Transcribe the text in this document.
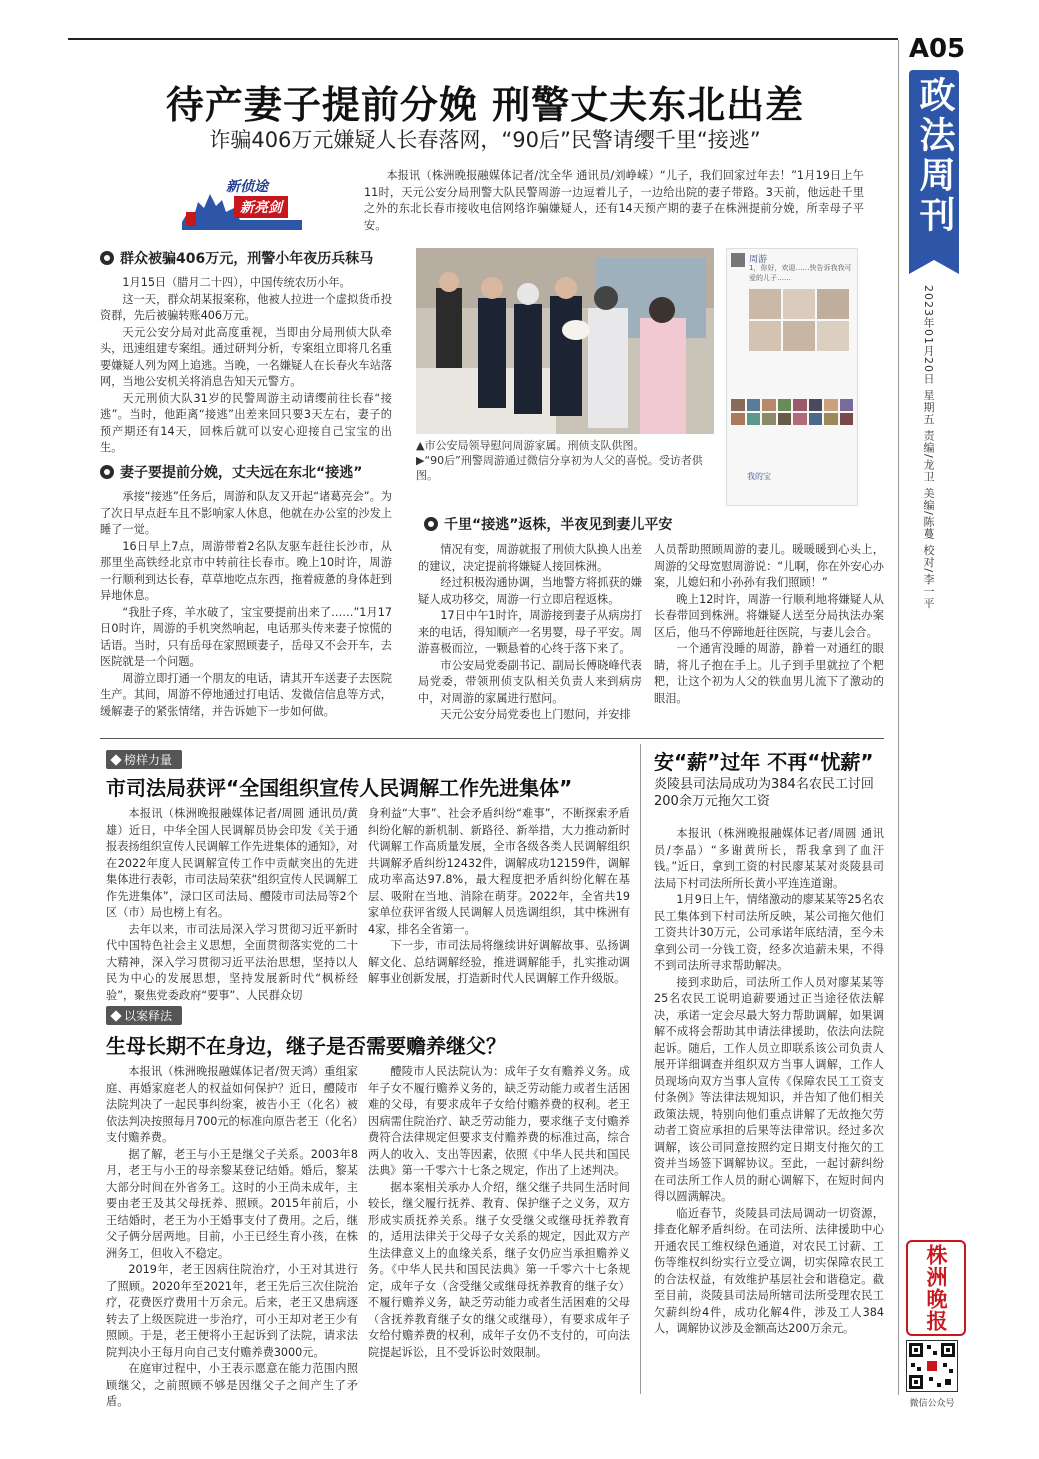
A05
政法周刊
2023年01月20日 星期五 责编/龙卫 美编/陈蔓 校对/李一平
待产妻子提前分娩 刑警丈夫东北出差
诈骗406万元嫌疑人长春落网，“90后”民警请缨千里“接逃”
新侦途
新亮剑

本报讯（株洲晚报融媒体记者/沈全华 通讯员/刘峥嵘）“儿子，我们回家过年去！”1月19日上午11时，天元公安分局刑警大队民警周游一边逗着儿子，一边给出院的妻子带路。3天前，他远赴千里之外的东北长春市接收电信网络诈骗嫌疑人，还有14天预产期的妻子在株洲提前分娩，所幸母子平安。

群众被骗406万元，刑警小年夜历兵秣马

1月15日（腊月二十四），中国传统农历小年。

这一天，群众胡某报案称，他被人拉进一个虚拟货币投资群，先后被骗转账406万元。

天元公安分局对此高度重视，当即由分局刑侦大队牵头，迅速组建专案组。通过研判分析，专案组立即将几名重要嫌疑人列为网上追逃。当晚，一名嫌疑人在长春火车站落网，当地公安机关将消息告知天元警方。

天元刑侦大队31岁的民警周游主动请缨前往长春“接逃”。当时，他距离“接逃”出差来回只要3天左右，妻子的预产期还有14天，回株后就可以安心迎接自己宝宝的出生。

妻子要提前分娩，丈夫远在东北“接逃”

承接“接逃”任务后，周游和队友又开起“诸葛亮会”。为了次日早点赶车且不影响家人休息，他就在办公室的沙发上睡了一觉。

16日早上7点，周游带着2名队友驱车赶往长沙市，从那里坐高铁经北京市中转前往长春市。晚上10时许，周游一行顺利到达长春，草草地吃点东西，拖着疲惫的身体赶到异地休息。

“我肚子疼，羊水破了，宝宝要提前出来了……”1月17日0时许，周游的手机突然响起，电话那头传来妻子惊慌的话语。当时，只有岳母在家照顾妻子，岳母又不会开车，去医院就是一个问题。

周游立即打通一个朋友的电话，请其开车送妻子去医院生产。其间，周游不停地通过打电话、发微信信息等方式，缓解妻子的紧张情绪，并告诉她下一步如何做。

▲市公安局领导慰问周游家属。刑侦支队供图。
▶“90后”刑警周游通过微信分享初为人父的喜悦。受访者供图。
周游
1，你好，欢迎……快告诉我我可爱的儿子……
我的宝
千里“接逃”返株，半夜见到妻儿平安

情况有变，周游就报了刑侦大队换人出差的建议，决定提前将嫌疑人接回株洲。

经过积极沟通协调，当地警方将抓获的嫌疑人成功移交，周游一行立即启程返株。

17日中午1时许，周游接到妻子从病房打来的电话，得知顺产一名男婴，母子平安。周游喜极而泣，一颗悬着的心终于落下来了。

市公安局党委副书记、副局长傅晓峰代表局党委，带领刑侦支队相关负责人来到病房中，对周游的家属进行慰问。

天元公安分局党委也上门慰问，并安排

人员帮助照顾周游的妻儿。暖暖暖到心头上，周游的父母宽慰周游说：“儿啊，你在外安心办案，儿媳妇和小孙孙有我们照顾！”

晚上12时许，周游一行顺利地将嫌疑人从长春带回到株洲。将嫌疑人送至分局执法办案区后，他马不停蹄地赶往医院，与妻儿会合。

一个通宵没睡的周游，静着一对通红的眼睛，将儿子抱在手上。儿子到手里就拉了个粑粑，让这个初为人父的铁血男儿流下了激动的眼泪。

榜样力量
市司法局获评“全国组织宣传人民调解工作先进集体”

本报讯（株洲晚报融媒体记者/周圆 通讯员/黄雄）近日，中华全国人民调解员协会印发《关于通报表扬组织宣传人民调解工作先进集体的通知》，对在2022年度人民调解宣传工作中贡献突出的先进集体进行表彰，市司法局荣获“组织宣传人民调解工作先进集体”，渌口区司法局、醴陵市司法局等2个区（市）局也榜上有名。

去年以来，市司法局深入学习贯彻习近平新时代中国特色社会主义思想，全面贯彻落实党的二十大精神，深入学习贯彻习近平法治思想，坚持以人民为中心的发展思想，坚持发展新时代“枫桥经验”，聚焦党委政府“要事”、人民群众切

身利益“大事”、社会矛盾纠纷“难事”，不断探索矛盾纠纷化解的新机制、新路径、新举措，大力推动新时代调解工作高质量发展，全市各级各类人民调解组织共调解矛盾纠纷12432件，调解成功12159件，调解成功率高达97.8%，最大程度把矛盾纠纷化解在基层、吸附在当地、消除在萌芽。2022年，全省共19家单位获评省级人民调解人员选调组织，其中株洲有4家，排名全省第一。

下一步，市司法局将继续讲好调解故事、弘扬调解文化、总结调解经验，推进调解能手，扎实推动调解事业创新发展，打造新时代人民调解工作升级版。

以案释法
生母长期不在身边，继子是否需要赡养继父？

本报讯（株洲晚报融媒体记者/贺天鸿）重组家庭、再婚家庭老人的权益如何保护？近日，醴陵市法院判决了一起民事纠纷案，被告小王（化名）被依法判决按照每月700元的标准向原告老王（化名）支付赡养费。

据了解，老王与小王是继父子关系。2003年8月，老王与小王的母亲黎某登记结婚。婚后，黎某大部分时间在外省务工。这时的小王尚未成年，主要由老王及其父母抚养、照顾。2015年前后，小王结婚时，老王为小王婚事支付了费用。之后，继父子俩分居两地。目前，小王已经生育小孩，在株洲务工，但收入不稳定。

2019年，老王因病住院治疗，小王对其进行了照顾。2020年至2021年，老王先后三次住院治疗，花费医疗费用十万余元。后来，老王又患病逐转去了上级医院进一步治疗，可小王却对老王少有照顾。于是，老王便将小王起诉到了法院，请求法院判决小王每月向自己支付赡养费3000元。

在庭审过程中，小王表示愿意在能力范围内照顾继父，之前照顾不够是因继父子之间产生了矛盾。

醴陵市人民法院认为：成年子女有赡养义务。成年子女不履行赡养义务的，缺乏劳动能力或者生活困难的父母，有要求成年子女给付赡养费的权利。老王因病需住院治疗、缺乏劳动能力，要求继子支付赡养费符合法律规定但要求支付赡养费的标准过高，综合两人的收入、支出等因素，依照《中华人民共和国民法典》第一千零六十七条之规定，作出了上述判决。

据本案相关承办人介绍，继父继子共同生活时间较长，继父履行抚养、教育、保护继子之义务，双方形成实质抚养关系。继子女受继父或继母抚养教育的，适用法律关于父母子女关系的规定，因此双方产生法律意义上的血缘关系，继子女仍应当承担赡养义务。《中华人民共和国民法典》第一千零六十七条规定，成年子女（含受继父或继母抚养教育的继子女）不履行赡养义务，缺乏劳动能力或者生活困难的父母（含抚养教育继子女的继父或继母），有要求成年子女给付赡养费的权利，成年子女仍不支付的，可向法院提起诉讼，且不受诉讼时效限制。

安“薪”过年 不再“忧薪”
炎陵县司法局成功为384名农民工讨回200余万元拖欠工资

本报讯（株洲晚报融媒体记者/周圆 通讯员/李晶）“多谢黄所长，帮我拿到了血汗钱。”近日，拿到工资的村民廖某某对炎陵县司法局下村司法所所长黄小平连连道谢。

1月9日上午，情绪激动的廖某某等25名农民工集体到下村司法所反映，某公司拖欠他们工资共计30万元，公司承诺年底结清，至今未拿到公司一分钱工资，经多次追薪未果，不得不到司法所寻求帮助解决。

接到求助后，司法所工作人员对廖某某等25名农民工说明追薪要通过正当途径依法解决，承诺一定会尽最大努力帮助调解，如果调解不成将会帮助其申请法律援助，依法向法院起诉。随后，工作人员立即联系该公司负责人展开详细调查并组织双方当事人调解，工作人员现场向双方当事人宣传《保障农民工工资支付条例》等法律法规知识，并告知了他们相关政策法规，特别向他们重点讲解了无故拖欠劳动者工资应承担的后果等法律常识。经过多次调解，该公司同意按照约定日期支付拖欠的工资并当场签下调解协议。至此，一起讨薪纠纷在司法所工作人员的耐心调解下，在短时间内得以圆满解决。

临近春节，炎陵县司法局调动一切资源，排查化解矛盾纠纷。在司法所、法律援助中心开通农民工维权绿色通道，对农民工讨薪、工伤等维权纠纷实行立受立调，切实保障农民工的合法权益，有效维护基层社会和谐稳定。截至目前，炎陵县司法局所辖司法所受理农民工欠薪纠纷4件，成功化解4件，涉及工人384人，调解协议涉及金额高达200万余元。	株洲晚报
微信公众号
